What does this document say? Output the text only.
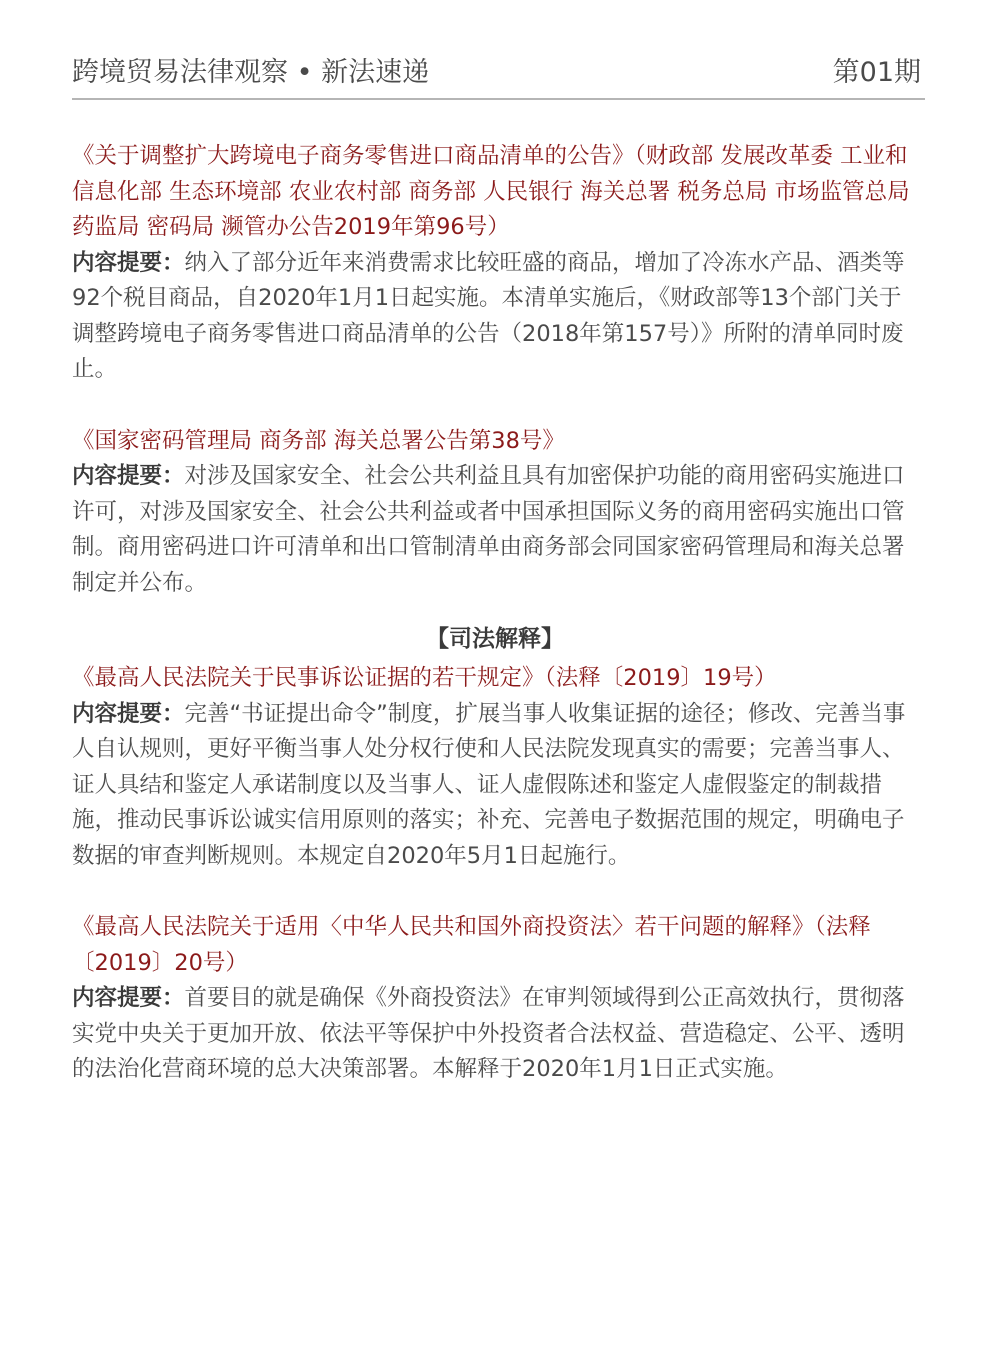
跨境贸易法律观察 • 新法速递	第01期

《关于调整扩大跨境电子商务零售进口商品清单的公告》（财政部 发展改革委 工业和信息化部 生态环境部 农业农村部 商务部 人民银行 海关总署 税务总局 市场监管总局 药监局 密码局 濒管办公告2019年第96号）

内容提要：纳入了部分近年来消费需求比较旺盛的商品，增加了冷冻水产品、酒类等92个税目商品，自2020年1月1日起实施。本清单实施后，《财政部等13个部门关于调整跨境电子商务零售进口商品清单的公告（2018年第157号）》所附的清单同时废止。

《国家密码管理局 商务部 海关总署公告第38号》

内容提要：对涉及国家安全、社会公共利益且具有加密保护功能的商用密码实施进口许可，对涉及国家安全、社会公共利益或者中国承担国际义务的商用密码实施出口管制。商用密码进口许可清单和出口管制清单由商务部会同国家密码管理局和海关总署制定并公布。

【司法解释】

《最高人民法院关于民事诉讼证据的若干规定》（法释〔2019〕19号）

内容提要：完善“书证提出命令”制度，扩展当事人收集证据的途径；修改、完善当事人自认规则，更好平衡当事人处分权行使和人民法院发现真实的需要；完善当事人、证人具结和鉴定人承诺制度以及当事人、证人虚假陈述和鉴定人虚假鉴定的制裁措施，推动民事诉讼诚实信用原则的落实；补充、完善电子数据范围的规定，明确电子数据的审查判断规则。本规定自2020年5月1日起施行。

《最高人民法院关于适用〈中华人民共和国外商投资法〉若干问题的解释》（法释〔2019〕20号）

内容提要：首要目的就是确保《外商投资法》在审判领域得到公正高效执行，贯彻落实党中央关于更加开放、依法平等保护中外投资者合法权益、营造稳定、公平、透明的法治化营商环境的总大决策部署。本解释于2020年1月1日正式实施。
